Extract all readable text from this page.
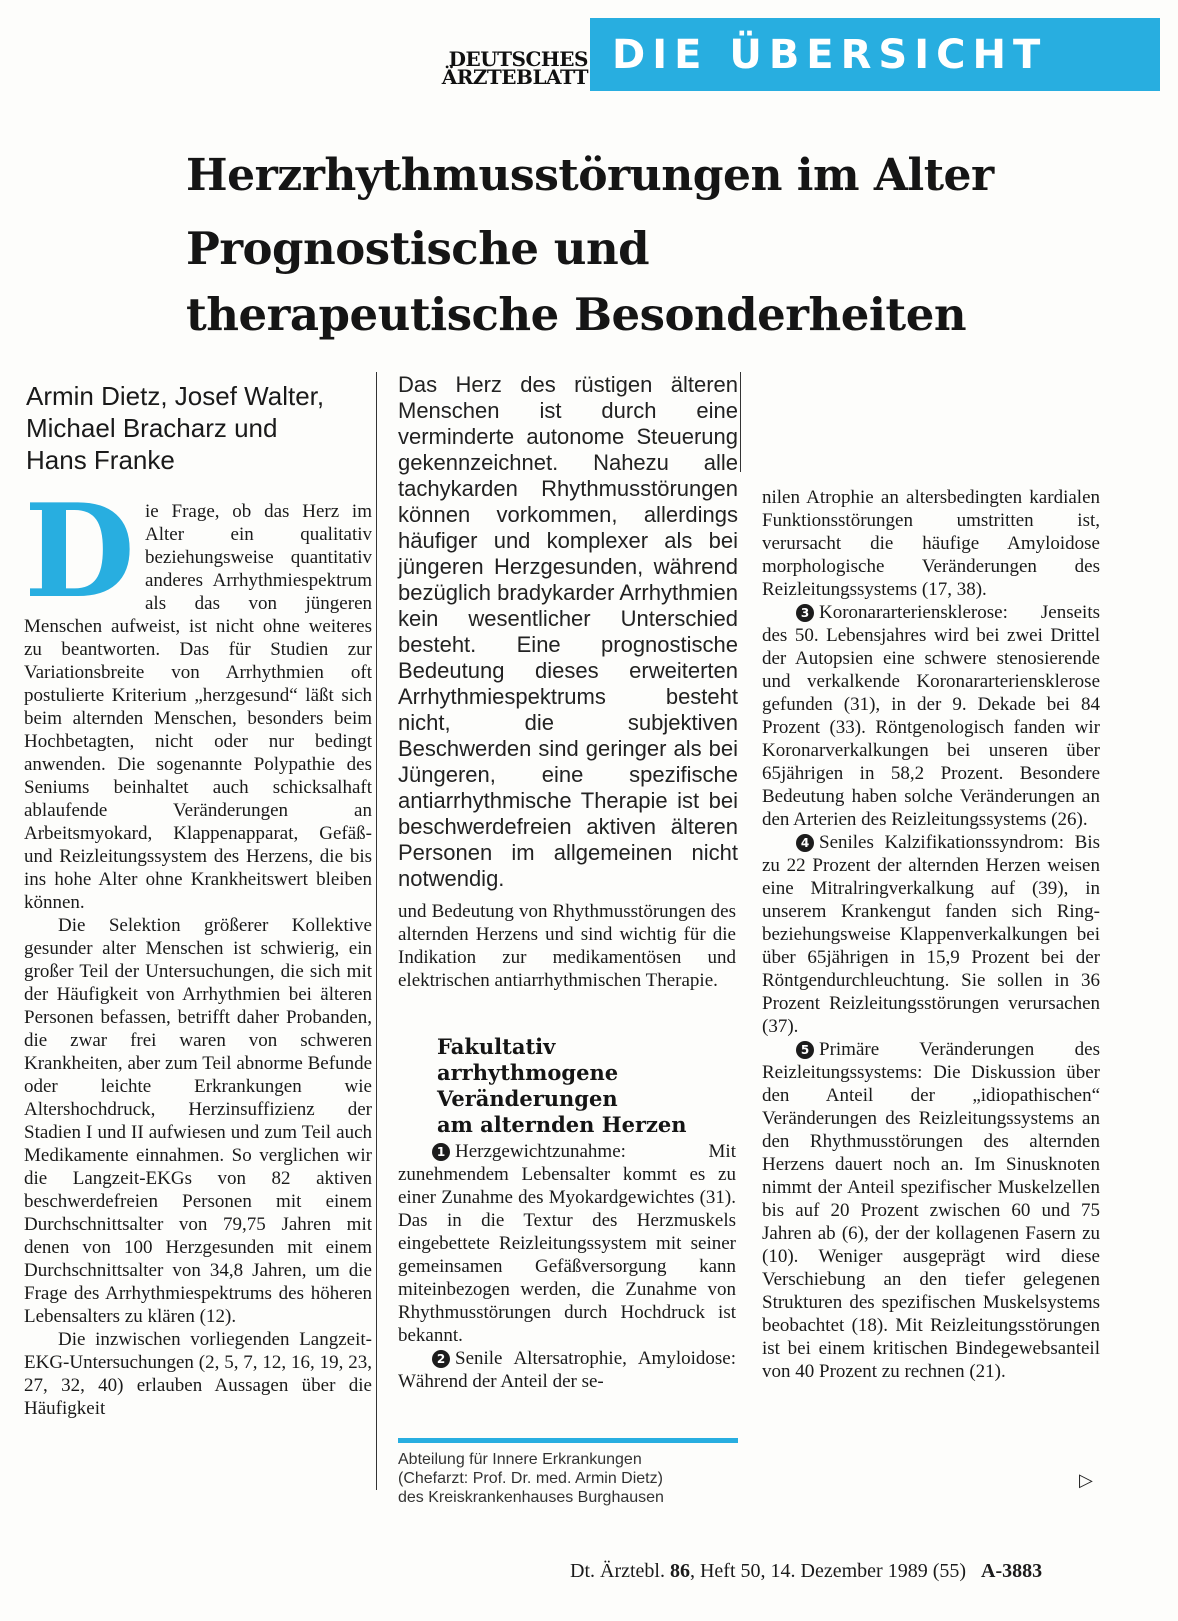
DEUTSCHES
ÄRZTEBLATT DIE ÜBERSICHT
Herzrhythmusstörungen im Alter
Prognostische und
therapeutische Besonderheiten
Armin Dietz, Josef Walter,
Michael Bracharz und
Hans Franke

D ie Frage, ob das Herz im Alter ein qualitativ beziehungsweise quantitativ anderes Arrhythmiespektrum als das von jüngeren Menschen aufweist, ist nicht ohne weiteres zu beantworten. Das für Studien zur Variationsbreite von Arrhythmien oft postulierte Kriterium „herzgesund“ läßt sich beim alternden Menschen, besonders beim Hochbetagten, nicht oder nur bedingt anwenden. Die sogenannte Polypathie des Seniums beinhaltet auch schicksalhaft ablaufende Veränderungen an Arbeitsmyokard, Klappenapparat, Gefäß- und Reizleitungssystem des Herzens, die bis ins hohe Alter ohne Krankheitswert bleiben können.

Die Selektion größerer Kollektive gesunder alter Menschen ist schwierig, ein großer Teil der Untersuchungen, die sich mit der Häufigkeit von Arrhythmien bei älteren Personen befassen, betrifft daher Probanden, die zwar frei waren von schweren Krankheiten, aber zum Teil abnorme Befunde oder leichte Erkrankungen wie Altershochdruck, Herzinsuffizienz der Stadien I und II aufwiesen und zum Teil auch Medikamente einnahmen. So verglichen wir die Langzeit-EKGs von 82 aktiven beschwerdefreien Personen mit einem Durchschnittsalter von 79,75 Jahren mit denen von 100 Herzgesunden mit einem Durchschnittsalter von 34,8 Jahren, um die Frage des Arrhythmiespektrums des höheren Lebensalters zu klären (12).

Die inzwischen vorliegenden Langzeit-EKG-Untersuchungen (2, 5, 7, 12, 16, 19, 23, 27, 32, 40) erlauben Aussagen über die Häufigkeit

Das Herz des rüstigen älteren Menschen ist durch eine verminderte autonome Steuerung gekennzeichnet. Nahezu alle tachykarden Rhythmusstörungen können vorkommen, allerdings häufiger und komplexer als bei jüngeren Herzgesunden, während bezüglich bradykarder Arrhythmien kein wesentlicher Unterschied besteht. Eine prognostische Bedeutung dieses erweiterten Arrhythmiespektrums besteht nicht, die subjektiven Beschwerden sind geringer als bei Jüngeren, eine spezifische antiarrhythmische Therapie ist bei beschwerdefreien aktiven älteren Personen im allgemeinen nicht notwendig.

und Bedeutung von Rhythmusstörungen des alternden Herzens und sind wichtig für die Indikation zur medikamentösen und elektrischen antiarrhythmischen Therapie.

Fakultativ arrhythmogene
Veränderungen
am alternden Herzen

1 Herzgewichtzunahme: Mit zunehmendem Lebensalter kommt es zu einer Zunahme des Myokardgewichtes (31). Das in die Textur des Herzmuskels eingebettete Reizleitungssystem mit seiner gemeinsamen Gefäßversorgung kann miteinbezogen werden, die Zunahme von Rhythmusstörungen durch Hochdruck ist bekannt.

2 Senile Altersatrophie, Amyloidose: Während der Anteil der se-

Abteilung für Innere Erkrankungen
(Chefarzt: Prof. Dr. med. Armin Dietz)
des Kreiskrankenhauses Burghausen

nilen Atrophie an altersbedingten kardialen Funktionsstörungen umstritten ist, verursacht die häufige Amyloidose morphologische Veränderungen des Reizleitungssystems (17, 38).

3 Koronararteriensklerose: Jenseits des 50. Lebensjahres wird bei zwei Drittel der Autopsien eine schwere stenosierende und verkalkende Koronararteriensklerose gefunden (31), in der 9. Dekade bei 84 Prozent (33). Röntgenologisch fanden wir Koronarverkalkungen bei unseren über 65jährigen in 58,2 Prozent. Besondere Bedeutung haben solche Veränderungen an den Arterien des Reizleitungssystems (26).

4 Seniles Kalzifikationssyndrom: Bis zu 22 Prozent der alternden Herzen weisen eine Mitralringverkalkung auf (39), in unserem Krankengut fanden sich Ring- beziehungsweise Klappenverkalkungen bei über 65jährigen in 15,9 Prozent bei der Röntgendurchleuchtung. Sie sollen in 36 Prozent Reizleitungsstörungen verursachen (37).

5 Primäre Veränderungen des Reizleitungssystems: Die Diskussion über den Anteil der „idiopathischen“ Veränderungen des Reizleitungssystems an den Rhythmusstörungen des alternden Herzens dauert noch an. Im Sinusknoten nimmt der Anteil spezifischer Muskelzellen bis auf 20 Prozent zwischen 60 und 75 Jahren ab (6), der der kollagenen Fasern zu (10). Weniger ausgeprägt wird diese Verschiebung an den tiefer gelegenen Strukturen des spezifischen Muskelsystems beobachtet (18). Mit Reizleitungsstörungen ist bei einem kritischen Bindegewebsanteil von 40 Prozent zu rechnen (21).

▷
Dt. Ärztebl. 86, Heft 50, 14. Dezember 1989 (55) A-3883
